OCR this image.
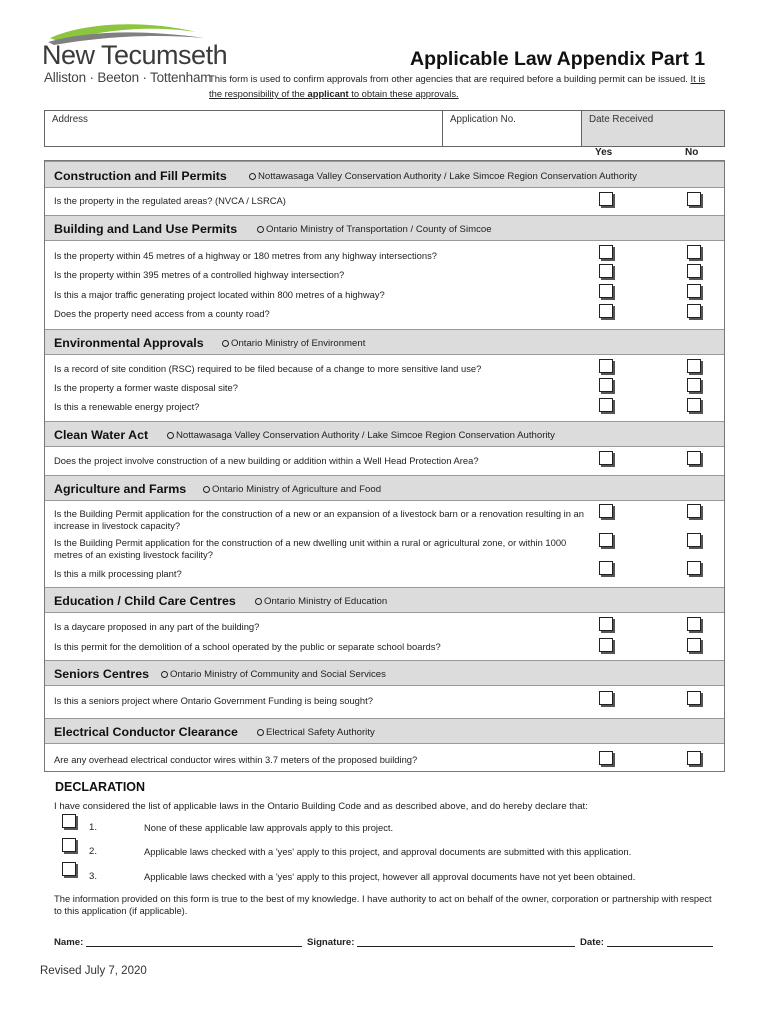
New Tecumseth
Alliston · Beeton · Tottenham
Applicable Law Appendix Part 1
This form is used to confirm approvals from other agencies that are required before a building permit can be issued. It is the responsibility of the applicant to obtain these approvals.
Address	Application No.	Date Received
Yes	No
Construction and Fill Permits	Nottawasaga Valley Conservation Authority / Lake Simcoe Region Conservation Authority
Is the property in the regulated areas? (NVCA / LSRCA)
Building and Land Use Permits	Ontario Ministry of Transportation / County of Simcoe
Is the property within 45 metres of a highway or 180 metres from any highway intersections?
Is the property within 395 metres of a controlled highway intersection?
Is this a major traffic generating project located within 800 metres of a highway?
Does the property need access from a county road?
Environmental Approvals	Ontario Ministry of Environment
Is a record of site condition (RSC) required to be filed because of a change to more sensitive land use?
Is the property a former waste disposal site?
Is this a renewable energy project?
Clean Water Act	Nottawasaga Valley Conservation Authority / Lake Simcoe Region Conservation Authority
Does the project involve construction of a new building or addition within a Well Head Protection Area?
Agriculture and Farms	Ontario Ministry of Agriculture and Food
Is the Building Permit application for the construction of a new or an expansion of a livestock barn or a renovation resulting in an increase in livestock capacity?
Is the Building Permit application for the construction of a new dwelling unit within a rural or agricultural zone, or within 1000 metres of an existing livestock facility?
Is this a milk processing plant?
Education / Child Care Centres	Ontario Ministry of Education
Is a daycare proposed in any part of the building?
Is this permit for the demolition of a school operated by the public or separate school boards?
Seniors Centres	Ontario Ministry of Community and Social Services
Is this a seniors project where Ontario Government Funding is being sought?
Electrical Conductor Clearance	Electrical Safety Authority
Are any overhead electrical conductor wires within 3.7 meters of the proposed building?
DECLARATION
I have considered the list of applicable laws in the Ontario Building Code and as described above, and do hereby declare that:
1.	None of these applicable law approvals apply to this project.
2.	Applicable laws checked with a 'yes' apply to this project, and approval documents are submitted with this application.
3.	Applicable laws checked with a 'yes' apply to this project, however all approval documents have not yet been obtained.
The information provided on this form is true to the best of my knowledge. I have authority to act on behalf of the owner, corporation or partnership with respect to this application (if applicable).
Name:	Signature:	Date:
Revised July 7, 2020
